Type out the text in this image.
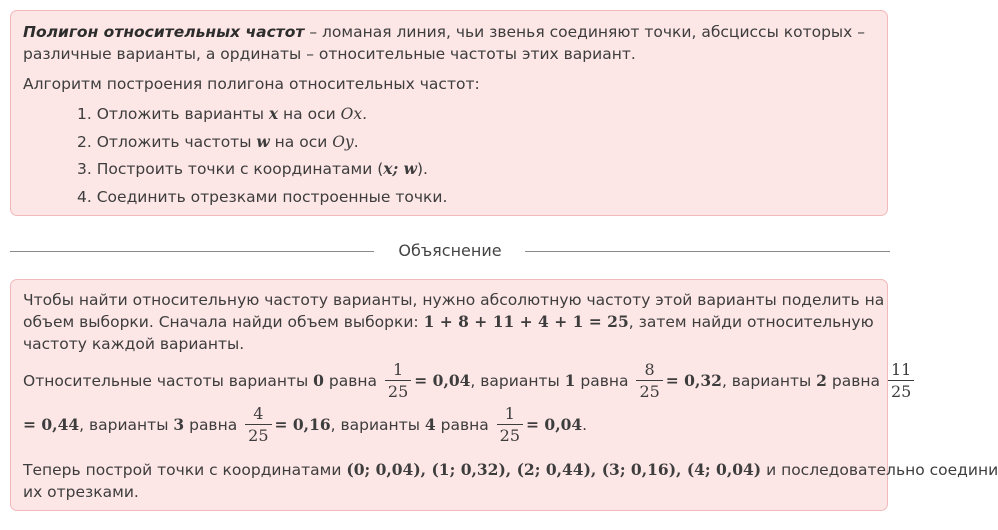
Полигон относительных частот – ломаная линия, чьи звенья соединяют точки, абсциссы которых –
различные варианты, а ординаты – относительные частоты этих вариант.
Алгоритм построения полигона относительных частот:
1. Отложить варианты x на оси Ox.
2. Отложить частоты w на оси Oy.
3. Построить точки с координатами (x; w).
4. Соединить отрезками построенные точки.
Объяснение
Чтобы найти относительную частоту варианты, нужно абсолютную частоту этой варианты поделить на
объем выборки. Сначала найди объем выборки: 1 + 8 + 11 + 4 + 1 = 25, затем найди относительную
частоту каждой варианты.
Относительные частоты варианты 0 равна $\frac{1}{25} = 0,04$, варианты 1 равна $\frac{8}{25} = 0,32$, варианты 2 равна $\frac{11}{25}$
= 0,44, варианты 3 равна $\frac{4}{25} = 0,16$, варианты 4 равна $\frac{1}{25} = 0,04$.
Теперь построй точки с координатами (0; 0,04), (1; 0,32), (2; 0,44), (3; 0,16), (4; 0,04) и последовательно соедини
их отрезками.
